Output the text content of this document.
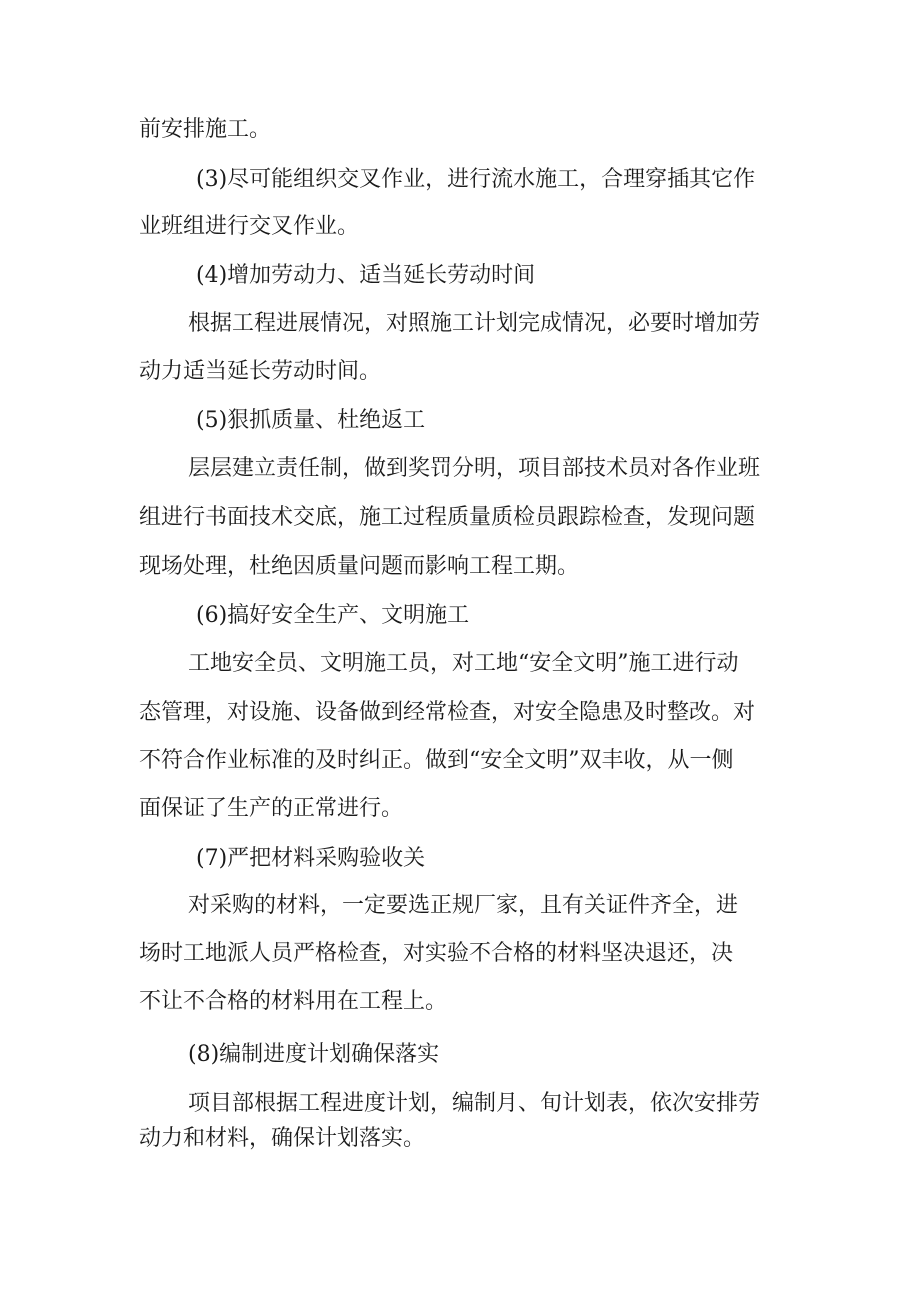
前安排施工。

(3)尽可能组织交叉作业，进行流水施工，合理穿插其它作

业班组进行交叉作业。

(4)增加劳动力、适当延长劳动时间

根据工程进展情况，对照施工计划完成情况，必要时增加劳

动力适当延长劳动时间。

(5)狠抓质量、杜绝返工

层层建立责任制，做到奖罚分明，项目部技术员对各作业班

组进行书面技术交底，施工过程质量质检员跟踪检查，发现问题

现场处理，杜绝因质量问题而影响工程工期。

(6)搞好安全生产、文明施工

工地安全员、文明施工员，对工地“安全文明”施工进行动

态管理，对设施、设备做到经常检查，对安全隐患及时整改。对

不符合作业标准的及时纠正。做到“安全文明”双丰收，从一侧

面保证了生产的正常进行。

(7)严把材料采购验收关

对采购的材料，一定要选正规厂家，且有关证件齐全，进

场时工地派人员严格检查，对实验不合格的材料坚决退还，决

不让不合格的材料用在工程上。

(8)编制进度计划确保落实

项目部根据工程进度计划，编制月、旬计划表，依次安排劳

动力和材料，确保计划落实。
